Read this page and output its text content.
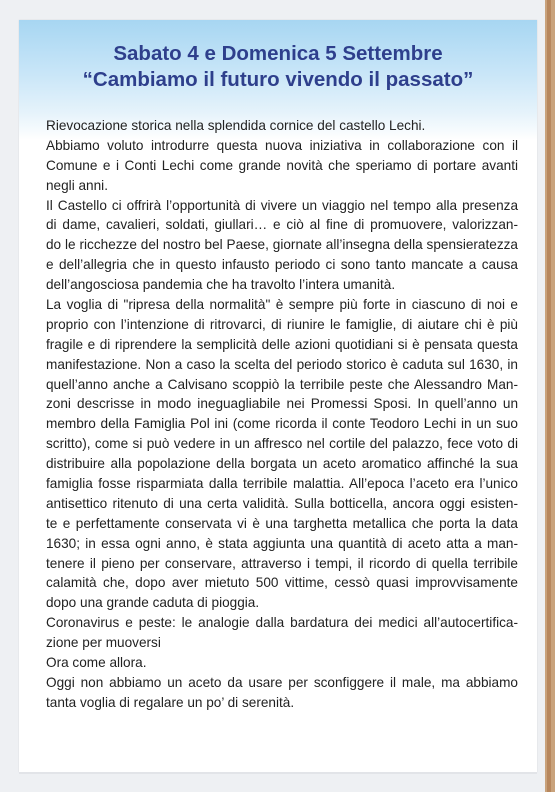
Sabato 4 e Domenica 5 Settembre
“Cambiamo il futuro vivendo il passato”
Rievocazione storica nella splendida cornice del castello Lechi.
Abbiamo voluto introdurre questa nuova iniziativa in collaborazione con il
Comune e i Conti Lechi come grande novità che speriamo di portare avanti
negli anni.
Il Castello ci offrirà l’opportunità di vivere un viaggio nel tempo alla presenza
di dame, cavalieri, soldati, giullari… e ciò al fine di promuovere, valorizzan-
do le ricchezze del nostro bel Paese, giornate all’insegna della spensieratezza
e dell’allegria che in questo infausto periodo ci sono tanto mancate a causa
dell’angosciosa pandemia che ha travolto l’intera umanità.
La voglia di "ripresa della normalità" è sempre più forte in ciascuno di noi e
proprio con l’intenzione di ritrovarci, di riunire le famiglie, di aiutare chi è più
fragile e di riprendere la semplicità delle azioni quotidiani si è pensata questa
manifestazione. Non a caso la scelta del periodo storico è caduta sul 1630, in
quell’anno anche a Calvisano scoppiò la terribile peste che Alessandro Man-
zoni descrisse in modo ineguagliabile nei Promessi Sposi. In quell’anno un
membro della Famiglia Pol ini (come ricorda il conte Teodoro Lechi in un suo
scritto), come si può vedere in un affresco nel cortile del palazzo, fece voto di
distribuire alla popolazione della borgata un aceto aromatico affinché la sua
famiglia fosse risparmiata dalla terribile malattia. All’epoca l’aceto era l’unico
antisettico ritenuto di una certa validità. Sulla botticella, ancora oggi esisten-
te e perfettamente conservata vi è una targhetta metallica che porta la data
1630; in essa ogni anno, è stata aggiunta una quantità di aceto atta a man-
tenere il pieno per conservare, attraverso i tempi, il ricordo di quella terribile
calamità che, dopo aver mietuto 500 vittime, cessò quasi improvvisamente
dopo una grande caduta di pioggia.
Coronavirus e peste: le analogie dalla bardatura dei medici all’autocertifica-
zione per muoversi
Ora come allora.
Oggi non abbiamo un aceto da usare per sconfiggere il male, ma abbiamo
tanta voglia di regalare un po’ di serenità.
